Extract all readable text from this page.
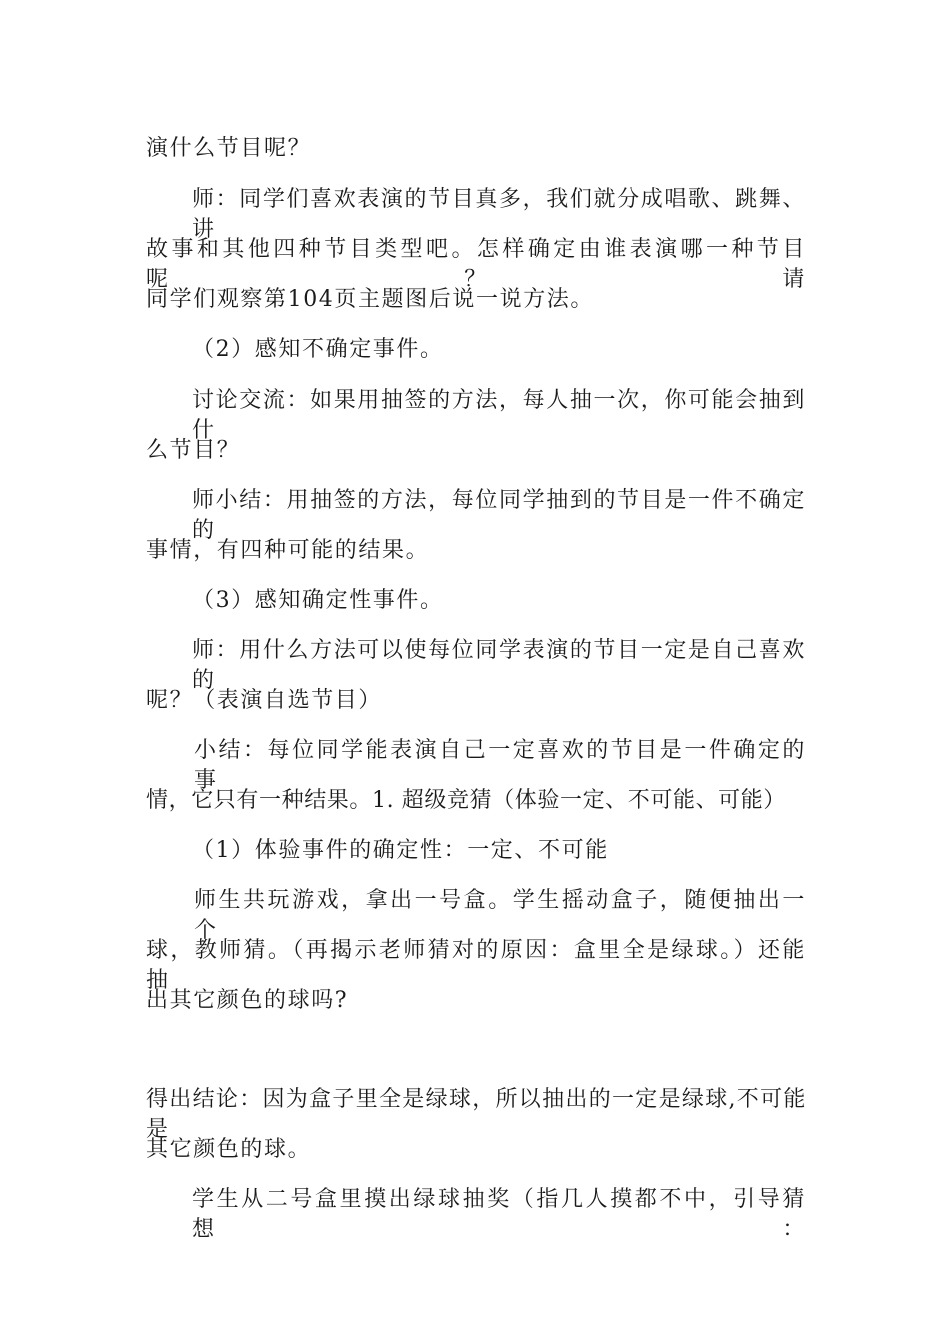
演什么节目呢？
师：同学们喜欢表演的节目真多，我们就分成唱歌、跳舞、讲
故事和其他四种节目类型吧。怎样确定由谁表演哪一种节目呢？请
同学们观察第104页主题图后说一说方法。
（2）感知不确定事件。
讨论交流：如果用抽签的方法，每人抽一次，你可能会抽到什
么节目？
师小结：用抽签的方法，每位同学抽到的节目是一件不确定的
事情，有四种可能的结果。
（3）感知确定性事件。
师：用什么方法可以使每位同学表演的节目一定是自己喜欢的
呢？（表演自选节目）
小结：每位同学能表演自己一定喜欢的节目是一件确定的事
情，它只有一种结果。1. 超级竞猜（体验一定、不可能、可能）
（1）体验事件的确定性：一定、不可能
师生共玩游戏，拿出一号盒。学生摇动盒子，随便抽出一个
球，教师猜。（再揭示老师猜对的原因：盒里全是绿球。）还能抽
出其它颜色的球吗?
得出结论：因为盒子里全是绿球，所以抽出的一定是绿球,不可能是
其它颜色的球。
学生从二号盒里摸出绿球抽奖（指几人摸都不中，引导猜想：
